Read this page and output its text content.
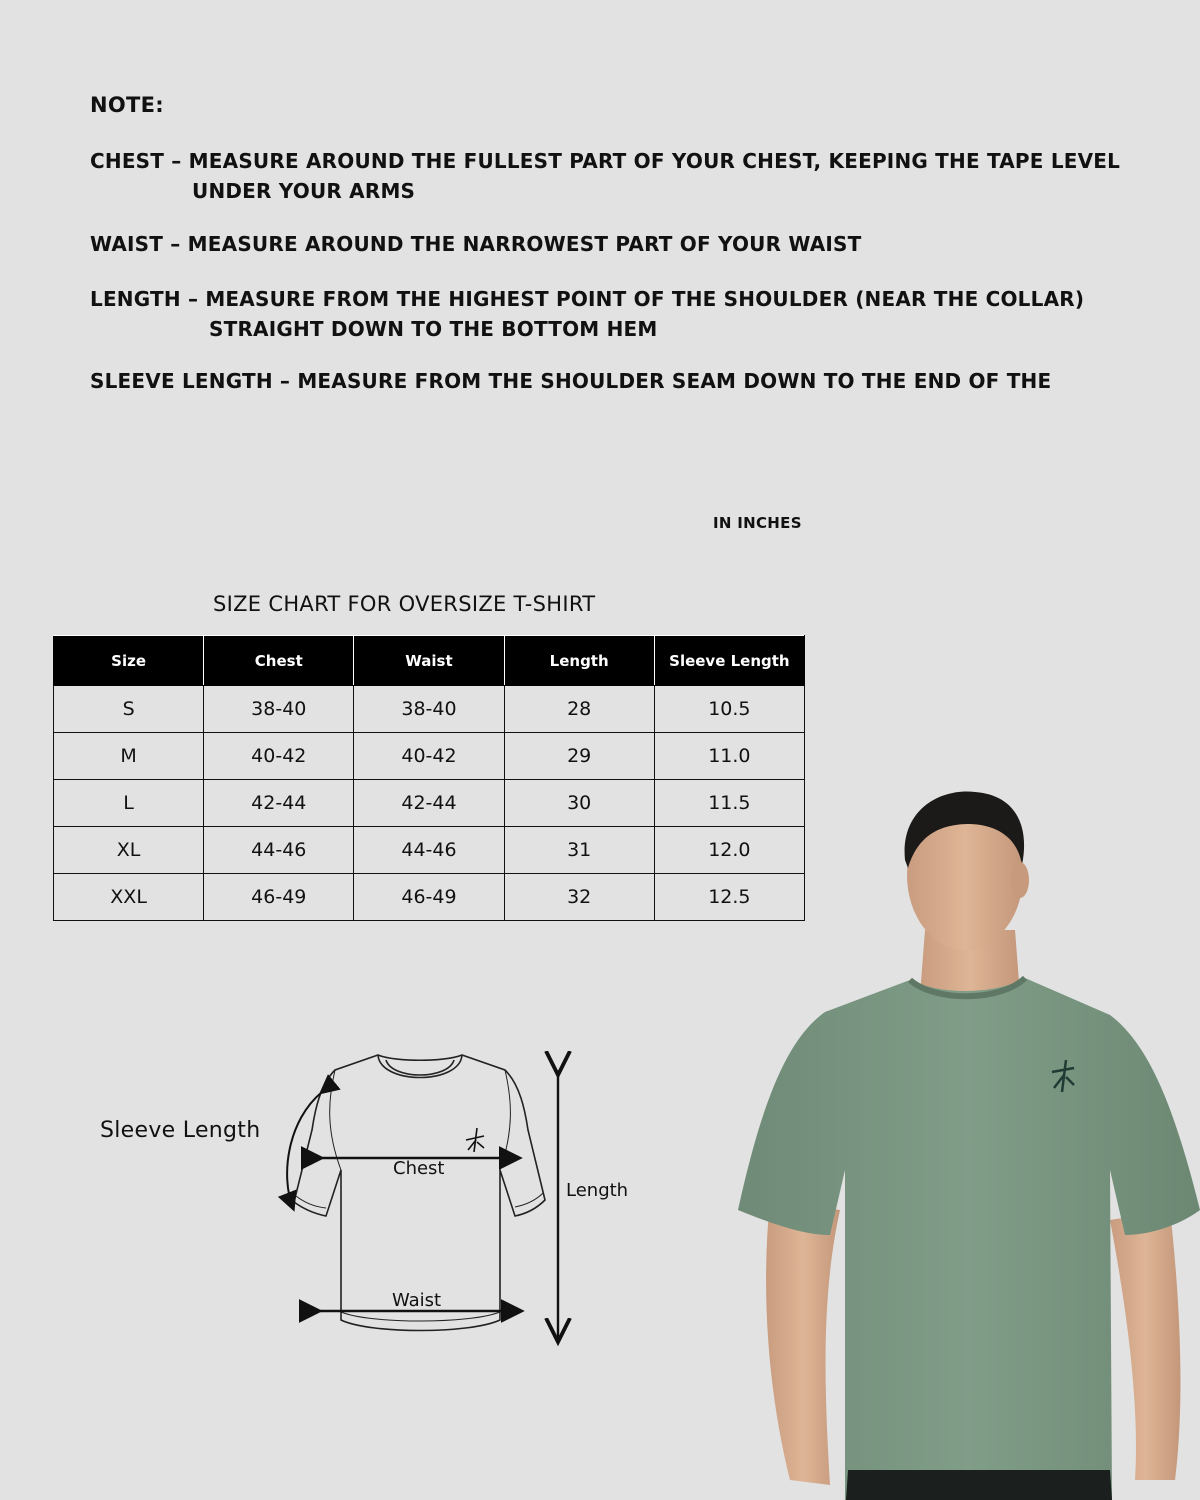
NOTE:
CHEST – MEASURE AROUND THE FULLEST PART OF YOUR CHEST, KEEPING THE TAPE LEVEL
UNDER YOUR ARMS
WAIST – MEASURE AROUND THE NARROWEST PART OF YOUR WAIST
LENGTH – MEASURE FROM THE HIGHEST POINT OF THE SHOULDER (NEAR THE COLLAR)
STRAIGHT DOWN TO THE BOTTOM HEM
SLEEVE LENGTH – MEASURE FROM THE SHOULDER SEAM DOWN TO THE END OF THE
IN INCHES
SIZE CHART FOR OVERSIZE T-SHIRT
Size	Chest	Waist	Length	Sleeve Length
S	38-40	38-40	28	10.5
M	40-42	40-42	29	11.0
L	42-44	42-44	30	11.5
XL	44-46	44-46	31	12.0
XXL	46-49	46-49	32	12.5
Sleeve Length
Chest
Length
Waist
